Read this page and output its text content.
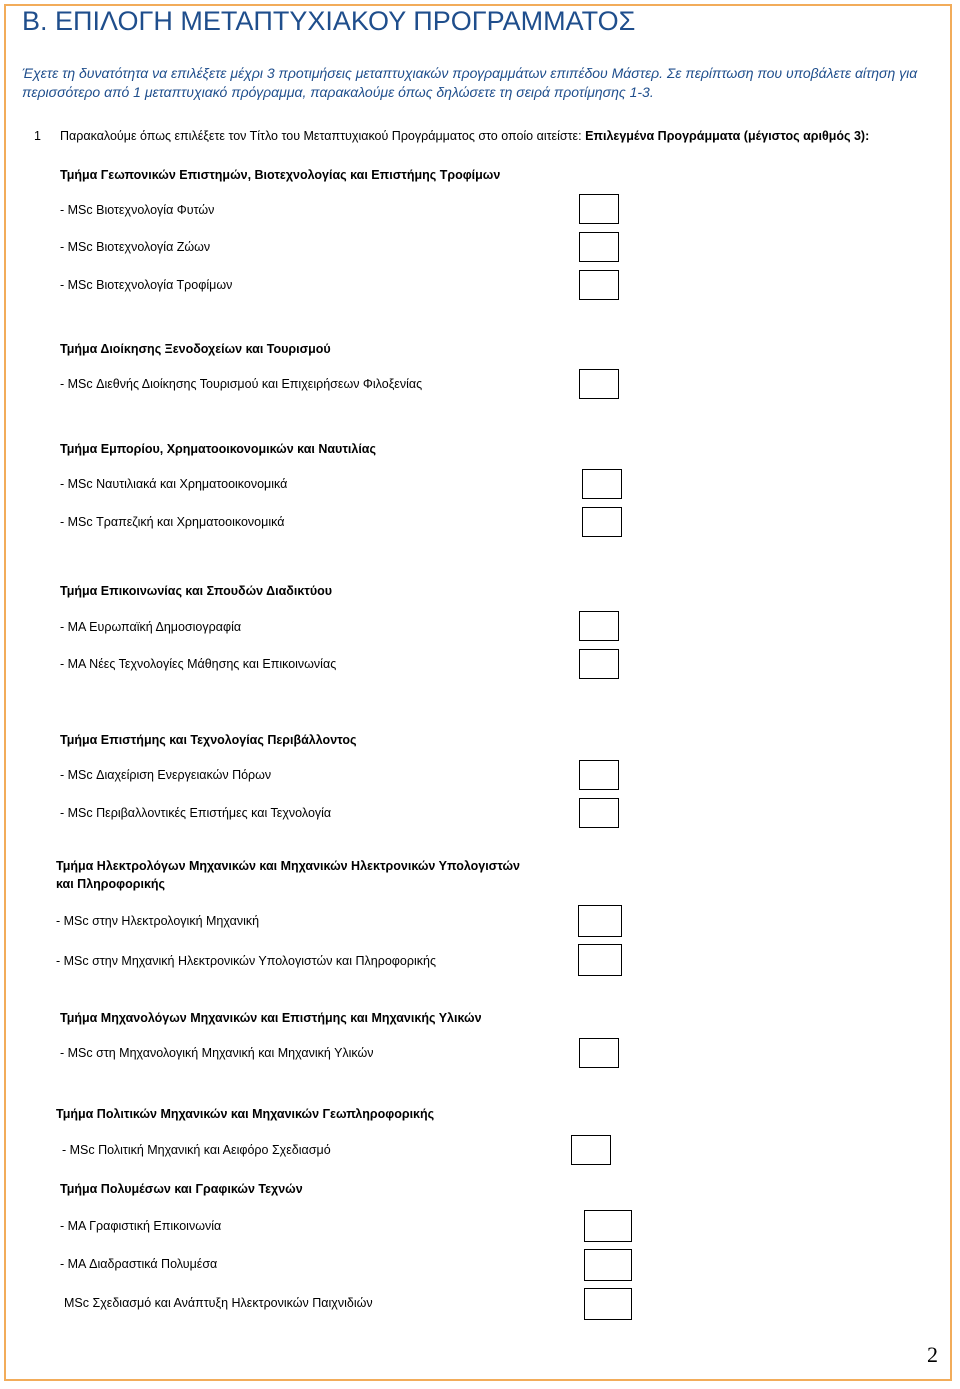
Β. ΕΠΙΛΟΓΗ ΜΕΤΑΠΤΥΧΙΑΚΟΥ ΠΡΟΓΡΑΜΜΑΤΟΣ
Έχετε τη δυνατότητα να επιλέξετε μέχρι 3 προτιμήσεις μεταπτυχιακών προγραμμάτων επιπέδου Μάστερ. Σε περίπτωση που υποβάλετε αίτηση για περισσότερο από 1 μεταπτυχιακό πρόγραμμα, παρακαλούμε όπως δηλώσετε τη σειρά προτίμησης 1-3.
1 Παρακαλούμε όπως επιλέξετε τον Τίτλο του Μεταπτυχιακού Προγράμματος στο οποίο αιτείστε: Επιλεγμένα Προγράμματα (μέγιστος αριθμός 3):
Τμήμα Γεωπονικών Επιστημών, Βιοτεχνολογίας και Επιστήμης Τροφίμων
- MSc Βιοτεχνολογία Φυτών
- MSc Βιοτεχνολογία Ζώων
- MSc Βιοτεχνολογία Τροφίμων
Τμήμα Διοίκησης Ξενοδοχείων και Τουρισμού
- MSc Διεθνής Διοίκησης Τουρισμού και Επιχειρήσεων Φιλοξενίας
Τμήμα Εμπορίου, Χρηματοοικονομικών και Ναυτιλίας
- MSc Ναυτιλιακά και Χρηματοοικονομικά
- MSc Τραπεζική και Χρηματοοικονομικά
Τμήμα Επικοινωνίας και Σπουδών Διαδικτύου
- MA Ευρωπαϊκή Δημοσιογραφία
- MA Νέες Τεχνολογίες Μάθησης και Επικοινωνίας
Τμήμα Επιστήμης και Τεχνολογίας Περιβάλλοντος
- MSc Διαχείριση Ενεργειακών Πόρων
- MSc Περιβαλλοντικές Επιστήμες και Τεχνολογία
Τμήμα Ηλεκτρολόγων Μηχανικών και Μηχανικών Ηλεκτρονικών Υπολογιστών και Πληροφορικής
- MSc στην Ηλεκτρολογική Μηχανική
- MSc στην Μηχανική Ηλεκτρονικών Υπολογιστών και Πληροφορικής
Τμήμα Μηχανολόγων Μηχανικών και Επιστήμης και Μηχανικής Υλικών
- MSc στη Μηχανολογική Μηχανική και Μηχανική Υλικών
Τμήμα Πολιτικών Μηχανικών και Μηχανικών Γεωπληροφορικής
- MSc Πολιτική Μηχανική και Αειφόρο Σχεδιασμό
Τμήμα Πολυμέσων και Γραφικών Τεχνών
- MA Γραφιστική Επικοινωνία
- MA Διαδραστικά Πολυμέσα
MSc Σχεδιασμό και Ανάπτυξη Ηλεκτρονικών Παιχνιδιών
2
